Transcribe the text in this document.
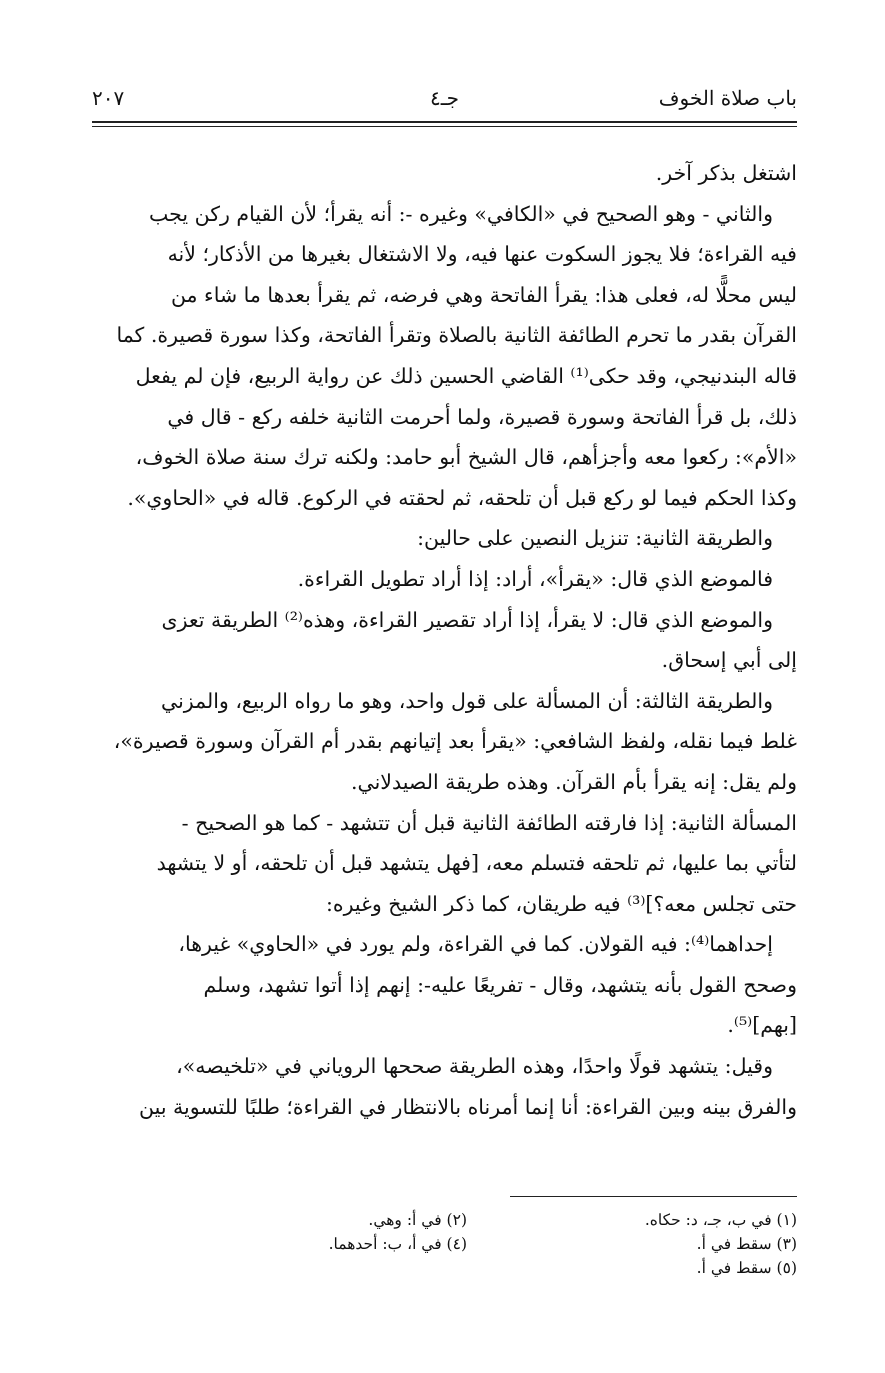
باب صلاة الخوف
جـ٤
٢٠٧
اشتغل بذكر آخر.
والثاني - وهو الصحيح في «الكافي» وغيره -: أنه يقرأ؛ لأن القيام ركن يجب
فيه القراءة؛ فلا يجوز السكوت عنها فيه، ولا الاشتغال بغيرها من الأذكار؛ لأنه
ليس محلًّا له، فعلى هذا: يقرأ الفاتحة وهي فرضه، ثم يقرأ بعدها ما شاء من
القرآن بقدر ما تحرم الطائفة الثانية بالصلاة وتقرأ الفاتحة، وكذا سورة قصيرة. كما
قاله البندنيجي، وقد حكى⁽¹⁾ القاضي الحسين ذلك عن رواية الربيع، فإن لم يفعل
ذلك، بل قرأ الفاتحة وسورة قصيرة، ولما أحرمت الثانية خلفه ركع - قال في
«الأم»: ركعوا معه وأجزأهم، قال الشيخ أبو حامد: ولكنه ترك سنة صلاة الخوف،
وكذا الحكم فيما لو ركع قبل أن تلحقه، ثم لحقته في الركوع. قاله في «الحاوي».
والطريقة الثانية: تنزيل النصين على حالين:
فالموضع الذي قال: «يقرأ»، أراد: إذا أراد تطويل القراءة.
والموضع الذي قال: لا يقرأ، إذا أراد تقصير القراءة، وهذه⁽²⁾ الطريقة تعزى
إلى أبي إسحاق.
والطريقة الثالثة: أن المسألة على قول واحد، وهو ما رواه الربيع، والمزني
غلط فيما نقله، ولفظ الشافعي: «يقرأ بعد إتيانهم بقدر أم القرآن وسورة قصيرة»،
ولم يقل: إنه يقرأ بأم القرآن. وهذه طريقة الصيدلاني.
المسألة الثانية: إذا فارقته الطائفة الثانية قبل أن تتشهد - كما هو الصحيح -
لتأتي بما عليها، ثم تلحقه فتسلم معه، [فهل يتشهد قبل أن تلحقه، أو لا يتشهد
حتى تجلس معه؟]⁽³⁾ فيه طريقان، كما ذكر الشيخ وغيره:
إحداهما⁽⁴⁾: فيه القولان. كما في القراءة، ولم يورد في «الحاوي» غيرها،
وصحح القول بأنه يتشهد، وقال - تفريعًا عليه-: إنهم إذا أتوا تشهد، وسلم
[بهم]⁽⁵⁾.
وقيل: يتشهد قولًا واحدًا، وهذه الطريقة صححها الروياني في «تلخيصه»،
والفرق بينه وبين القراءة: أنا إنما أمرناه بالانتظار في القراءة؛ طلبًا للتسوية بين
(١) في ب، جـ، د: حكاه.
(٢) في أ: وهي.
(٣) سقط في أ.
(٤) في أ، ب: أحدهما.
(٥) سقط في أ.
